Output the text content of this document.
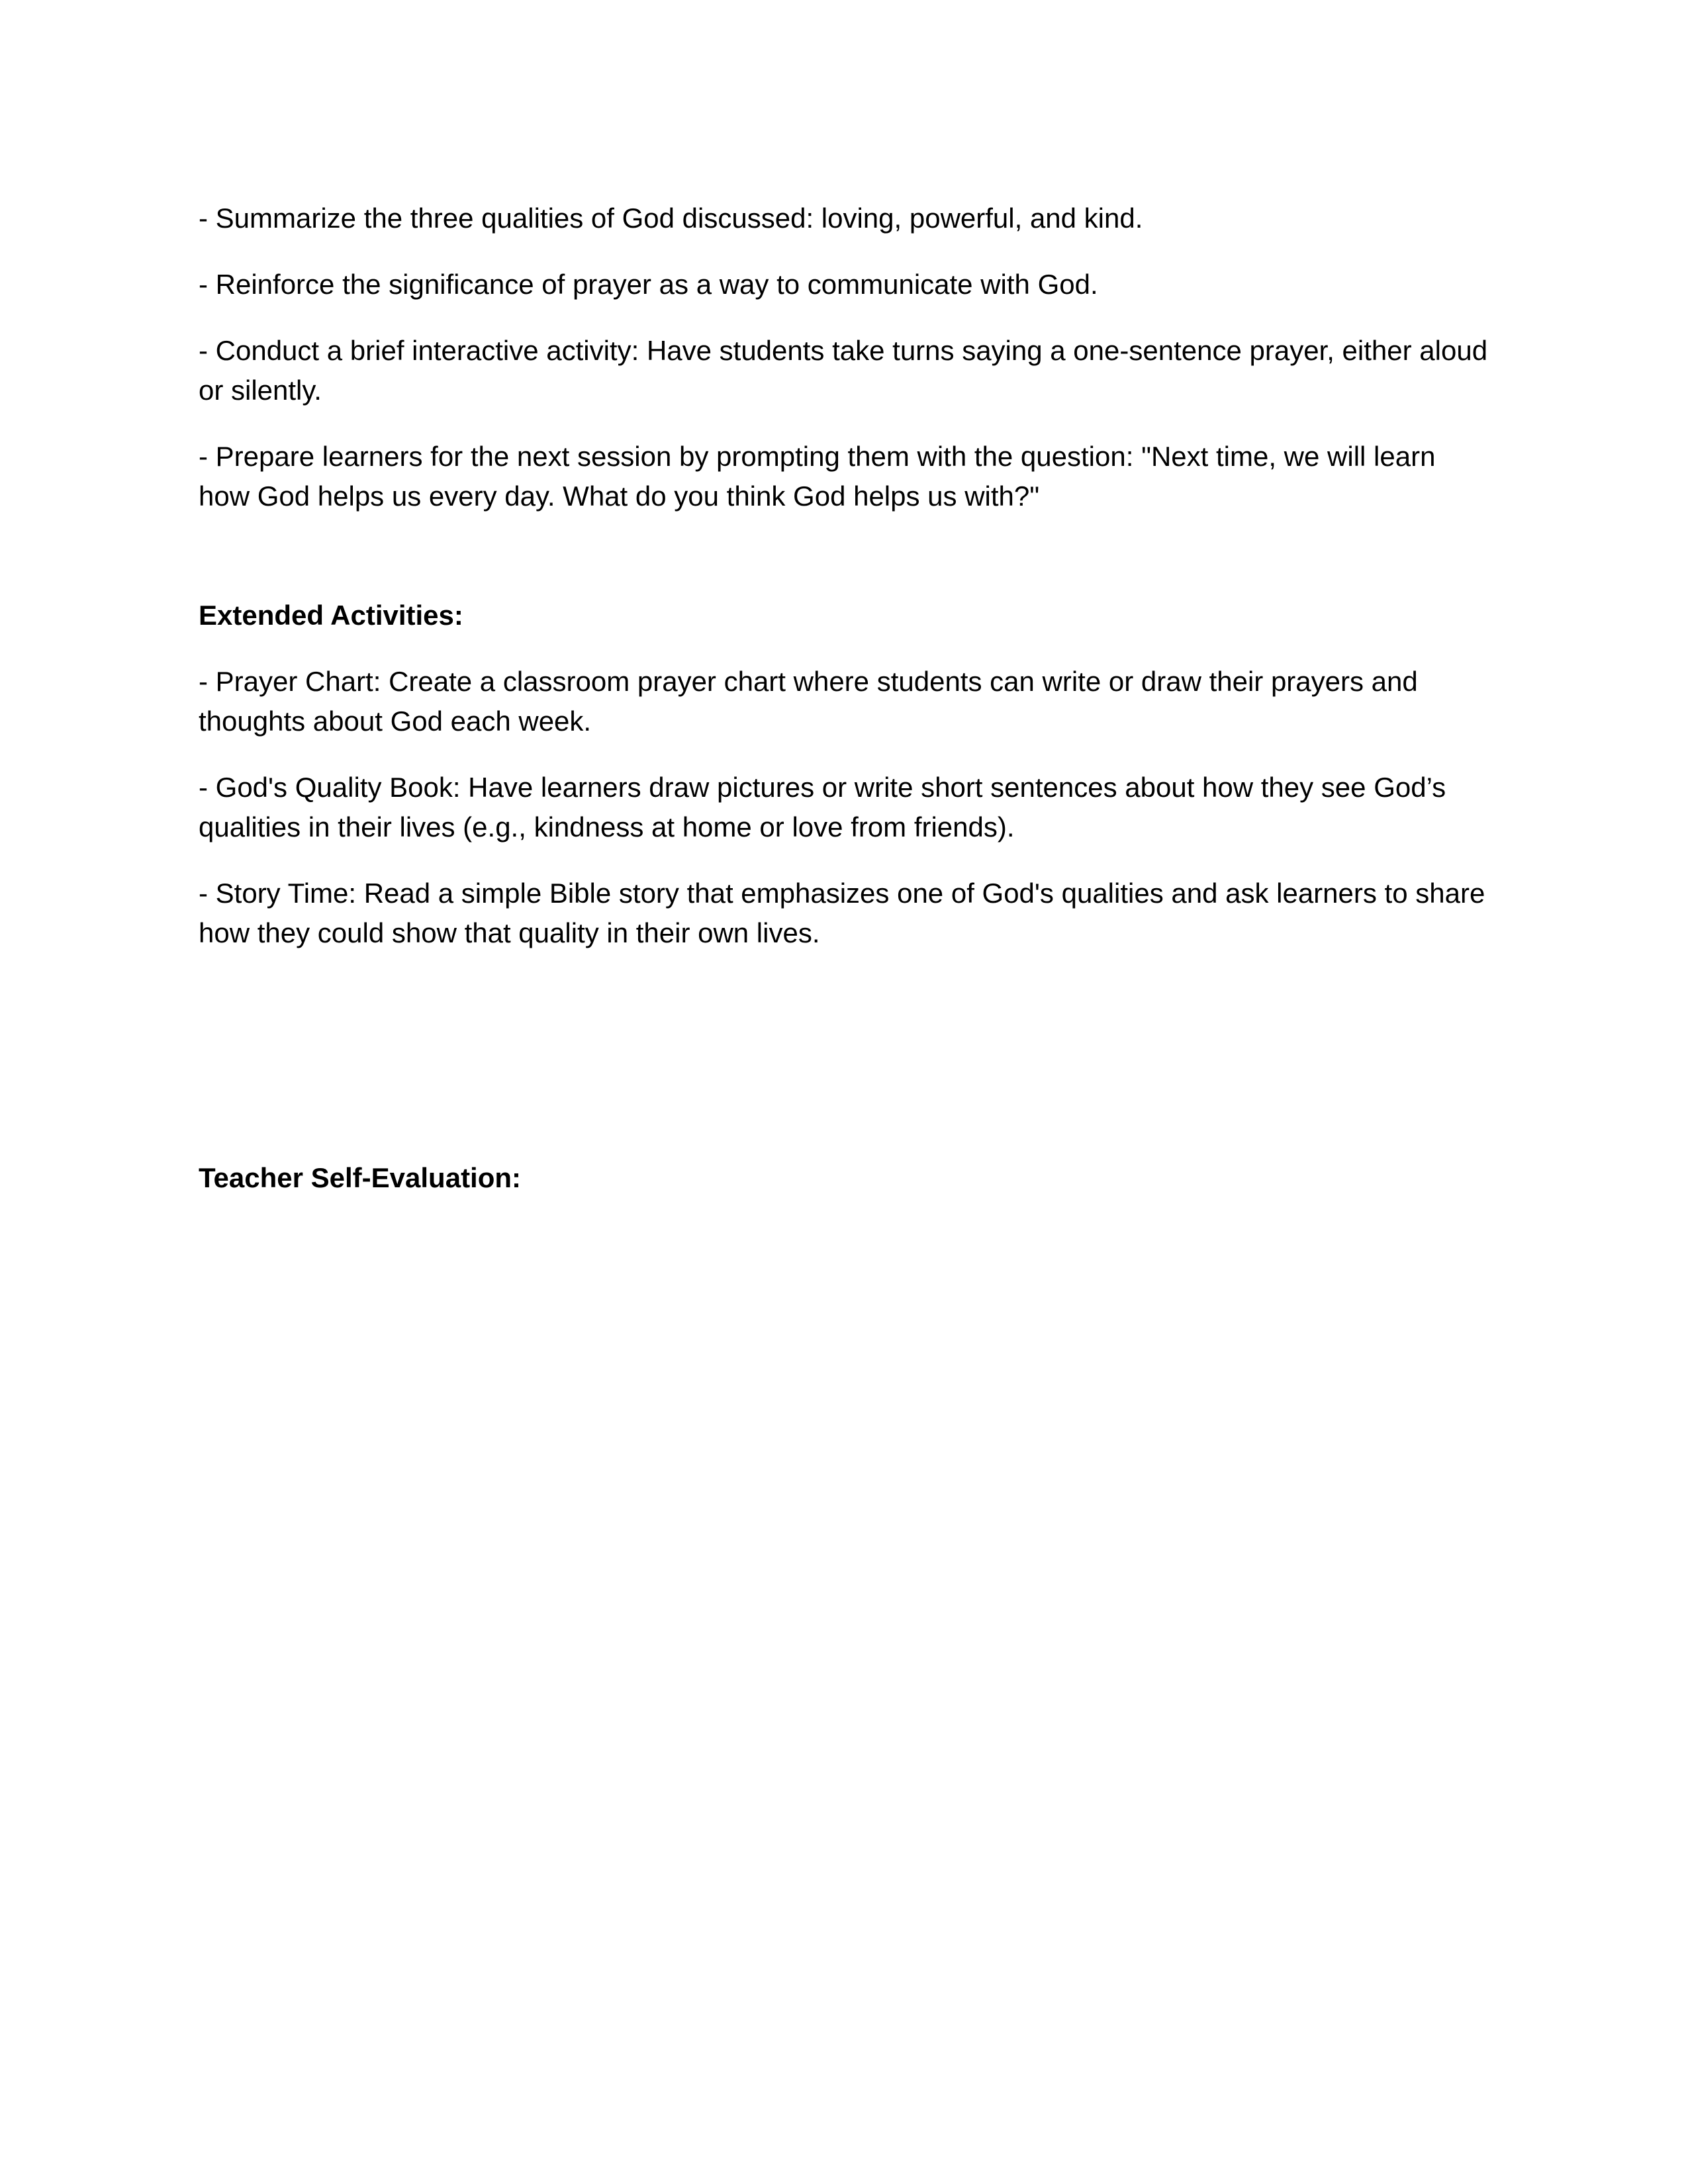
- Summarize the three qualities of God discussed: loving, powerful, and kind.

- Reinforce the significance of prayer as a way to communicate with God.

- Conduct a brief interactive activity: Have students take turns saying a one-sentence prayer, either aloud or silently.

- Prepare learners for the next session by prompting them with the question: "Next time, we will learn how God helps us every day. What do you think God helps us with?"

Extended Activities:

- Prayer Chart: Create a classroom prayer chart where students can write or draw their prayers and thoughts about God each week.

- God's Quality Book: Have learners draw pictures or write short sentences about how they see God’s qualities in their lives (e.g., kindness at home or love from friends).

- Story Time: Read a simple Bible story that emphasizes one of God's qualities and ask learners to share how they could show that quality in their own lives.

Teacher Self-Evaluation:
